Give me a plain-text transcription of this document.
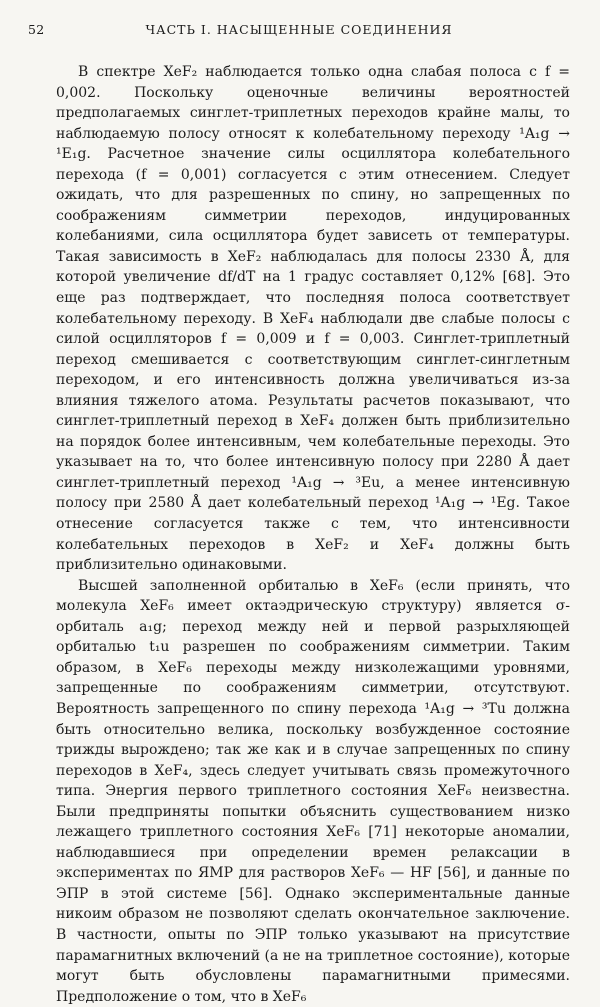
52	ЧАСТЬ I. НАСЫЩЕННЫЕ СОЕДИНЕНИЯ

В спектре XeF₂ наблюдается только одна слабая полоса с f = 0,002. Поскольку оценочные величины вероятностей предполагаемых синглет-триплетных переходов крайне малы, то наблюдаемую полосу относят к колебательному переходу ¹A₁g → ¹E₁g. Расчетное значение силы осциллятора колебательного перехода (f = 0,001) согласуется с этим отнесением. Следует ожидать, что для разрешенных по спину, но запрещенных по соображениям симметрии переходов, индуцированных колебаниями, сила осциллятора будет зависеть от температуры. Такая зависимость в XeF₂ наблюдалась для полосы 2330 Å, для которой увеличение df/dT на 1 градус составляет 0,12% [68]. Это еще раз подтверждает, что последняя полоса соответствует колебательному переходу. В XeF₄ наблюдали две слабые полосы с силой осцилляторов f = 0,009 и f = 0,003. Синглет-триплетный переход смешивается с соответствующим синглет-синглетным переходом, и его интенсивность должна увеличиваться из-за влияния тяжелого атома. Результаты расчетов показывают, что синглет-триплетный переход в XeF₄ должен быть приблизительно на порядок более интенсивным, чем колебательные переходы. Это указывает на то, что более интенсивную полосу при 2280 Å дает синглет-триплетный переход ¹A₁g → ³Eu, а менее интенсивную полосу при 2580 Å дает колебательный переход ¹A₁g → ¹Eg. Такое отнесение согласуется также с тем, что интенсивности колебательных переходов в XeF₂ и XeF₄ должны быть приблизительно одинаковыми.

Высшей заполненной орбиталью в XeF₆ (если принять, что молекула XeF₆ имеет октаэдрическую структуру) является σ-орбиталь a₁g; переход между ней и первой разрыхляющей орбиталью t₁u разрешен по соображениям симметрии. Таким образом, в XeF₆ переходы между низколежащими уровнями, запрещенные по соображениям симметрии, отсутствуют. Вероятность запрещенного по спину перехода ¹A₁g → ³Tu должна быть относительно велика, поскольку возбужденное состояние трижды вырождено; так же как и в случае запрещенных по спину переходов в XeF₄, здесь следует учитывать связь промежуточного типа. Энергия первого триплетного состояния XeF₆ неизвестна. Были предприняты попытки объяснить существованием низко лежащего триплетного состояния XeF₆ [71] некоторые аномалии, наблюдавшиеся при определении времен релаксации в экспериментах по ЯМР для растворов XeF₆ — HF [56], и данные по ЭПР в этой системе [56]. Однако экспериментальные данные никоим образом не позволяют сделать окончательное заключение. В частности, опыты по ЭПР только указывают на присутствие парамагнитных включений (а не на триплетное состояние), которые могут быть обусловлены парамагнитными примесями. Предположение о том, что в XeF₆
